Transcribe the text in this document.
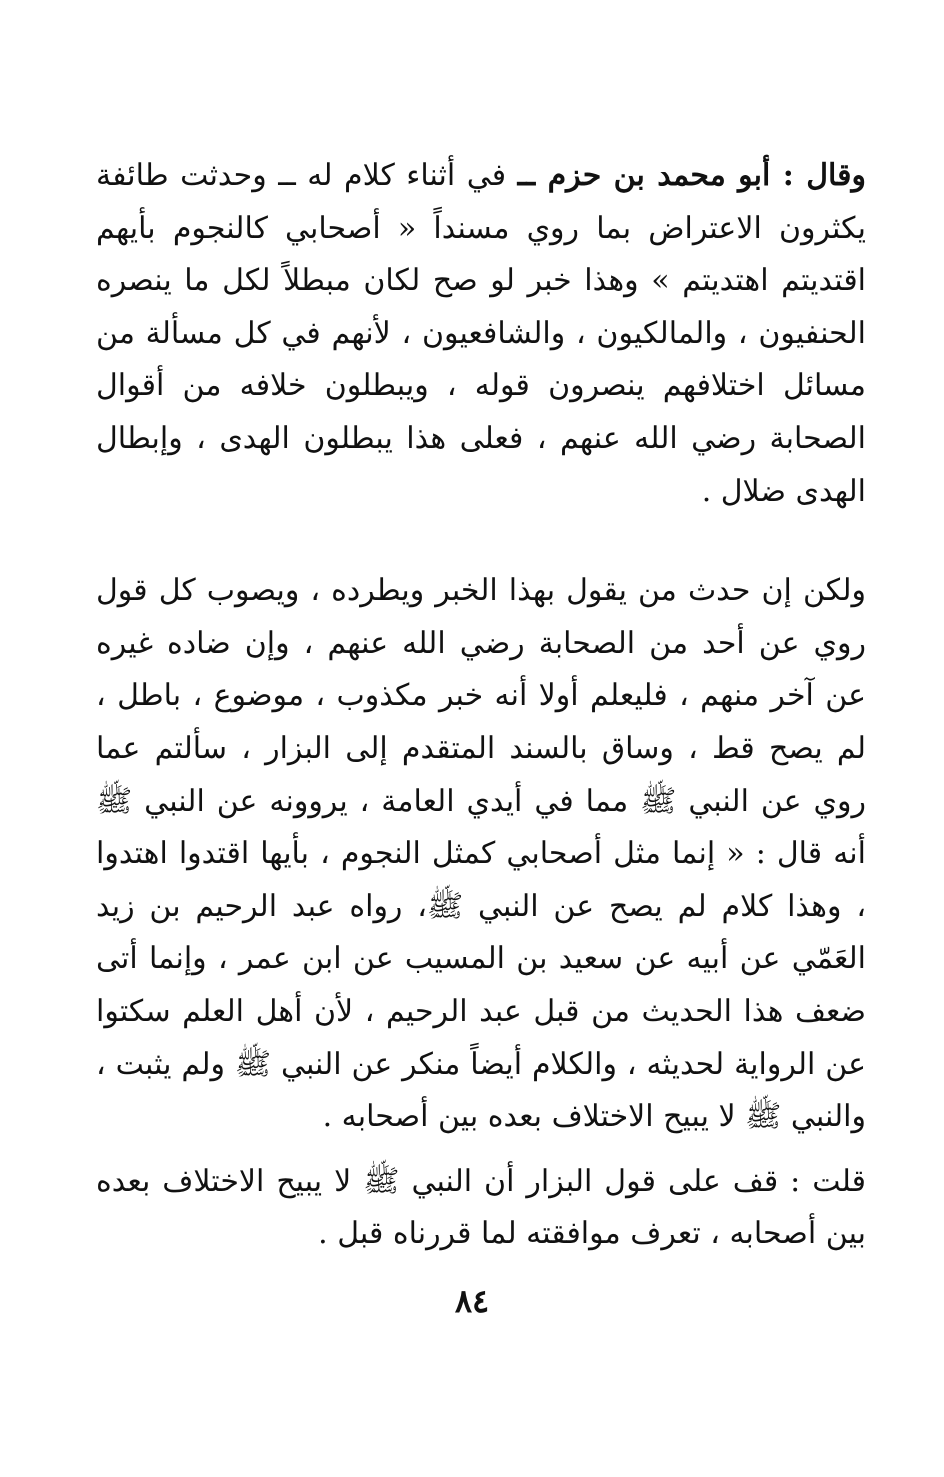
وقال : أبو محمد بن حزم ــ في أثناء كلام له ــ وحدثت طائفة يكثرون الاعتراض بما روي مسنداً « أصحابي كالنجوم بأيهم اقتديتم اهتديتم » وهذا خبر لو صح لكان مبطلاً لكل ما ينصره الحنفيون ، والمالكيون ، والشافعيون ، لأنهم في كل مسألة من مسائل اختلافهم ينصرون قوله ، ويبطلون خلافه من أقوال الصحابة رضي الله عنهم ، فعلى هذا يبطلون الهدى ، وإبطال الهدى ضلال .

ولكن إن حدث من يقول بهذا الخبر ويطرده ، ويصوب كل قول روي عن أحد من الصحابة رضي الله عنهم ، وإن ضاده غيره عن آخر منهم ، فليعلم أولا أنه خبر مكذوب ، موضوع ، باطل ، لم يصح قط ، وساق بالسند المتقدم إلى البزار ، سألتم عما روي عن النبي ﷺ مما في أيدي العامة ، يروونه عن النبي ﷺ أنه قال : « إنما مثل أصحابي كمثل النجوم ، بأيها اقتدوا اهتدوا ، وهذا كلام لم يصح عن النبي ﷺ، رواه عبد الرحيم بن زيد العَمّي عن أبيه عن سعيد بن المسيب عن ابن عمر ، وإنما أتى ضعف هذا الحديث من قبل عبد الرحيم ، لأن أهل العلم سكتوا عن الرواية لحديثه ، والكلام أيضاً منكر عن النبي ﷺ ولم يثبت ، والنبي ﷺ لا يبيح الاختلاف بعده بين أصحابه .

قلت : قف على قول البزار أن النبي ﷺ لا يبيح الاختلاف بعده بين أصحابه ، تعرف موافقته لما قررناه قبل .

٨٤
